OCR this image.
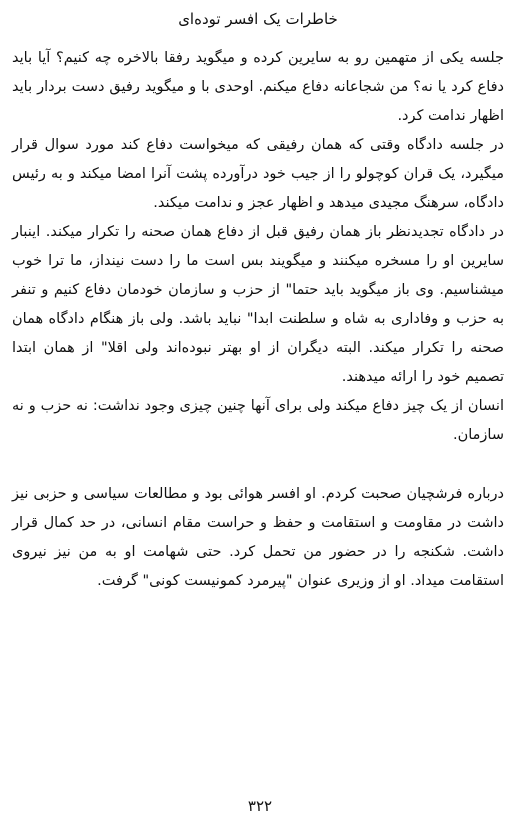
خاطرات یک افسر توده‌ای

جلسه یکی از متهمین رو به سایرین کرده و میگوید رفقا بالاخره چه کنیم؟ آیا باید دفاع کرد یا نه؟ من شجاعانه دفاع میکنم. اوحدی با و میگوید رفیق دست بردار باید اظهار ندامت کرد.

در جلسه دادگاه وقتی که همان رفیقی که میخواست دفاع کند مورد سوال قرار میگیرد، یک قران کوچولو را از جیب خود درآورده پشت آنرا امضا میکند و به رئیس دادگاه، سرهنگ مجیدی میدهد و اظهار عجز و ندامت میکند.

در دادگاه تجدیدنظر باز همان رفیق قبل از دفاع همان صحنه را تکرار میکند. اینبار سایرین او را مسخره میکنند و میگویند بس است ما را دست نینداز، ما ترا خوب میشناسیم. وی باز میگوید باید حتما" از حزب و سازمان خودمان دفاع کنیم و تنفر به حزب و وفاداری به شاه و سلطنت ابدا" نباید باشد. ولی باز هنگام دادگاه همان صحنه را تکرار میکند. البته دیگران از او بهتر نبوده‌اند ولی اقلا" از همان ابتدا تصمیم خود را ارائه میدهند.

انسان از یک چیز دفاع میکند ولی برای آنها چنین چیزی وجود نداشت: نه حزب و نه سازمان.

درباره فرشچیان صحبت کردم. او افسر هوائی بود و مطالعات سیاسی و حزبی نیز داشت در مقاومت و استقامت و حفظ و حراست مقام انسانی، در حد کمال قرار داشت. شکنجه را در حضور من تحمل کرد. حتی شهامت او به من نیز نیروی استقامت میداد. او از وزیری عنوان "پیرمرد کمونیست کونی" گرفت.

۳۲۲
